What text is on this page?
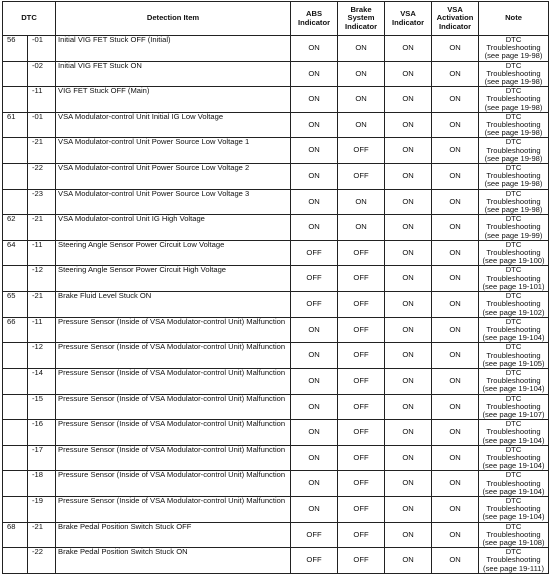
DTC		Detection Item	ABS Indicator	Brake System Indicator	VSA Indicator	VSA Activation Indicator	Note
56	-01	Initial VIG FET Stuck OFF (Initial)	ON	ON	ON	ON	DTC Troubleshooting
(see page 19-98)

	-02	Initial VIG FET Stuck ON	ON	ON	ON	ON	DTC Troubleshooting
(see page 19-98)

	-11	VIG FET Stuck OFF (Main)	ON	ON	ON	ON	DTC Troubleshooting
(see page 19-98)

61	-01	VSA Modulator-control Unit Initial IG Low Voltage	ON	ON	ON	ON	DTC Troubleshooting
(see page 19-98)

	-21	VSA Modulator-control Unit Power Source Low Voltage 1	ON	OFF	ON	ON	DTC Troubleshooting
(see page 19-98)

	-22	VSA Modulator-control Unit Power Source Low Voltage 2	ON	OFF	ON	ON	DTC Troubleshooting
(see page 19-98)

	-23	VSA Modulator-control Unit Power Source Low Voltage 3	ON	ON	ON	ON	DTC Troubleshooting
(see page 19-98)

62	-21	VSA Modulator-control Unit IG High Voltage	ON	ON	ON	ON	DTC Troubleshooting
(see page 19-99)

64	-11	Steering Angle Sensor Power Circuit Low Voltage	OFF	OFF	ON	ON	DTC Troubleshooting
(see page 19-100)

	-12	Steering Angle Sensor Power Circuit High Voltage	OFF	OFF	ON	ON	DTC Troubleshooting
(see page 19-101)

65	-21	Brake Fluid Level Stuck ON	OFF	OFF	ON	ON	DTC Troubleshooting
(see page 19-102)

66	-11	Pressure Sensor (Inside of VSA Modulator-control Unit) Malfunction	ON	OFF	ON	ON	DTC Troubleshooting
(see page 19-104)

	-12	Pressure Sensor (Inside of VSA Modulator-control Unit) Malfunction	ON	OFF	ON	ON	DTC Troubleshooting
(see page 19-105)

	-14	Pressure Sensor (Inside of VSA Modulator-control Unit) Malfunction	ON	OFF	ON	ON	DTC Troubleshooting
(see page 19-104)

	-15	Pressure Sensor (Inside of VSA Modulator-control Unit) Malfunction	ON	OFF	ON	ON	DTC Troubleshooting
(see page 19-107)

	-16	Pressure Sensor (Inside of VSA Modulator-control Unit) Malfunction	ON	OFF	ON	ON	DTC Troubleshooting
(see page 19-104)

	-17	Pressure Sensor (Inside of VSA Modulator-control Unit) Malfunction	ON	OFF	ON	ON	DTC Troubleshooting
(see page 19-104)

	-18	Pressure Sensor (Inside of VSA Modulator-control Unit) Malfunction	ON	OFF	ON	ON	DTC Troubleshooting
(see page 19-104)

	-19	Pressure Sensor (Inside of VSA Modulator-control Unit) Malfunction	ON	OFF	ON	ON	DTC Troubleshooting
(see page 19-104)

68	-21	Brake Pedal Position Switch Stuck OFF	OFF	OFF	ON	ON	DTC Troubleshooting
(see page 19-108)

	-22	Brake Pedal Position Switch Stuck ON	OFF	OFF	ON	ON	DTC Troubleshooting
(see page 19-111)
